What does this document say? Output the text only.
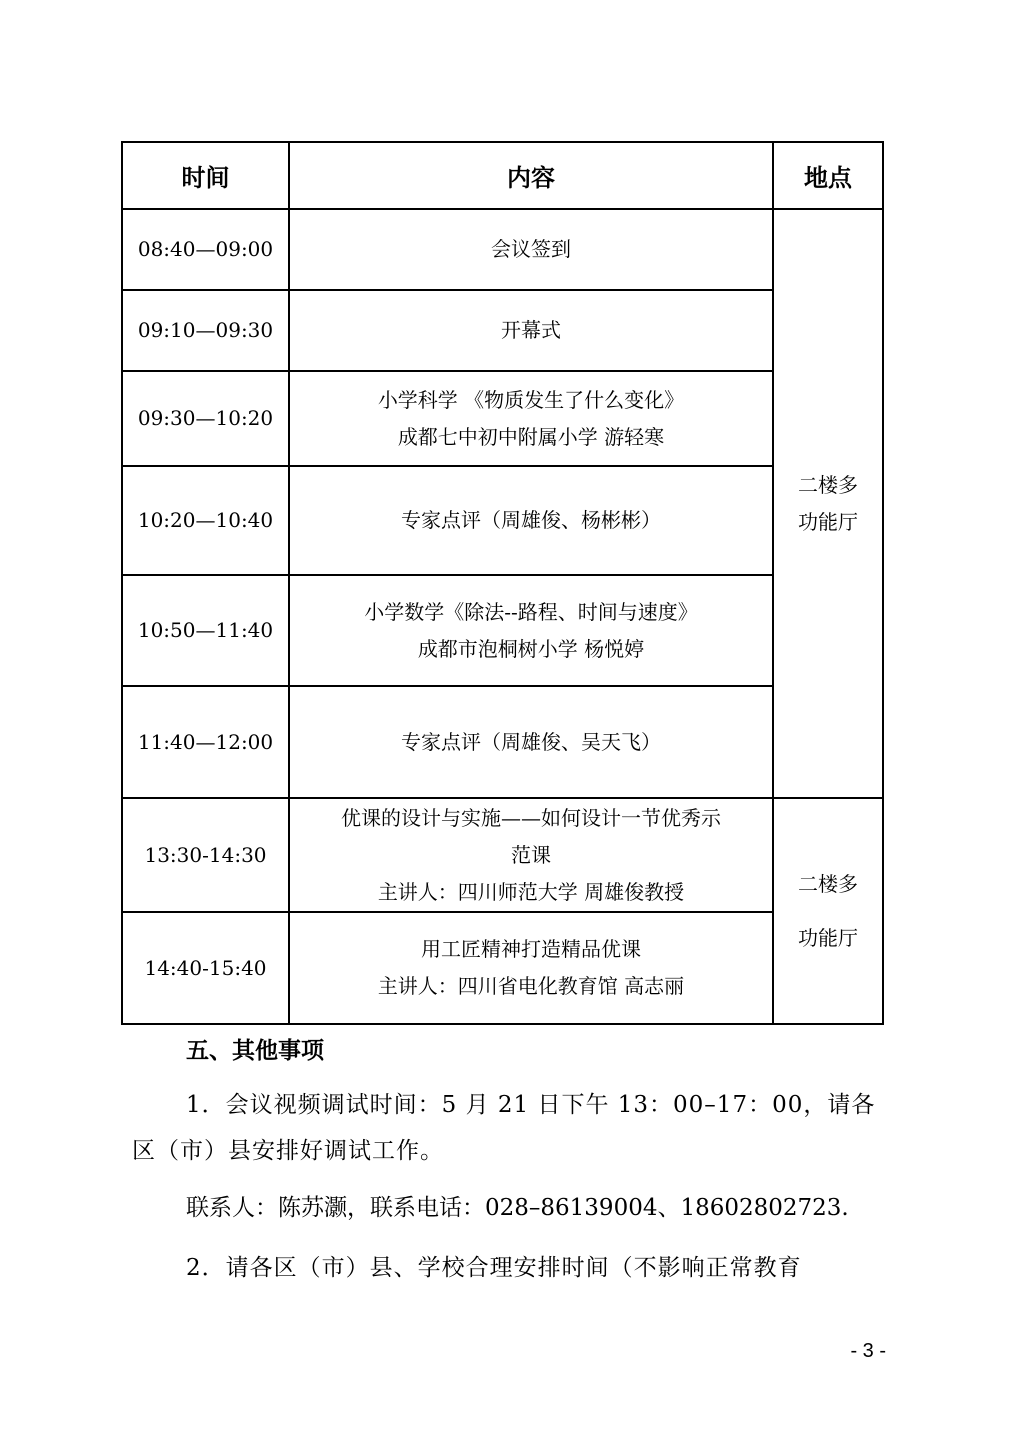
时间	内容	地点
08:40—09:00	会议签到	二楼多
功能厅

09:10—09:30	开幕式	

09:30—10:20	小学科学 《物质发生了什么变化》
成都七中初中附属小学 游轻寒	

10:20—10:40	专家点评（周雄俊、杨彬彬）	

10:50—11:40	小学数学《除法--路程、时间与速度》
成都市泡桐树小学 杨悦婷	

11:40—12:00	专家点评（周雄俊、吴天飞）	

13:30-14:30	优课的设计与实施——如何设计一节优秀示
范课
主讲人：四川师范大学 周雄俊教授	二楼多
功能厅

14:40-15:40	用工匠精神打造精品优课
主讲人：四川省电化教育馆 高志丽	
五、其他事项
1．会议视频调试时间：5 月 21 日下午 13：00–17：00，请各区（市）县安排好调试工作。
联系人：陈苏灏，联系电话：028–86139004、18602802723.
2．请各区（市）县、学校合理安排时间（不影响正常教育
- 3 -
